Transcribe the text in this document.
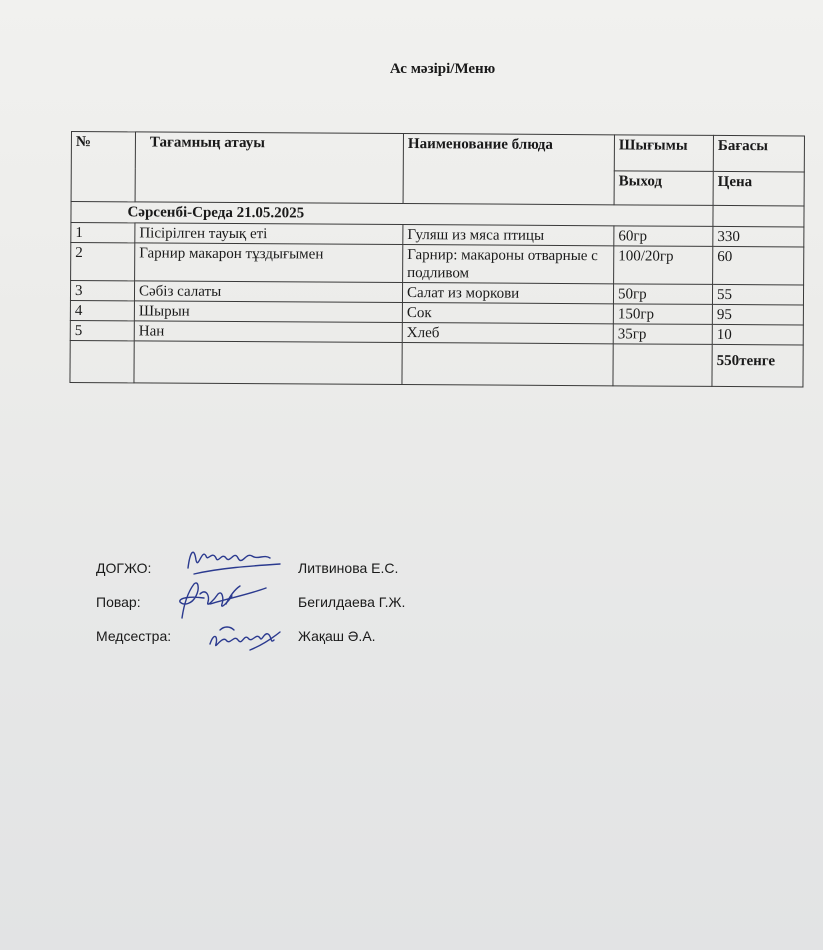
Ас мәзірі/Меню
№	Тағамның атауы	Наименование блюда	Шығымы	Бағасы
			Выход	Цена
Сәрсенбі-Среда 21.05.2025				
1	Пісірілген тауық еті	Гуляш из мяса птицы	60гр	330
2	Гарнир макарон тұздығымен	Гарнир: макароны отварные с подливом	100/20гр	60
3	Сәбіз салаты	Салат из моркови	50гр	55
4	Шырын	Сок	150гр	95
5	Нан	Хлеб	35гр	10
				550тенге
ДОГЖО:	Литвинова Е.С.
Повар:	Бегилдаева Г.Ж.
Медсестра:	Жақаш Ә.А.
